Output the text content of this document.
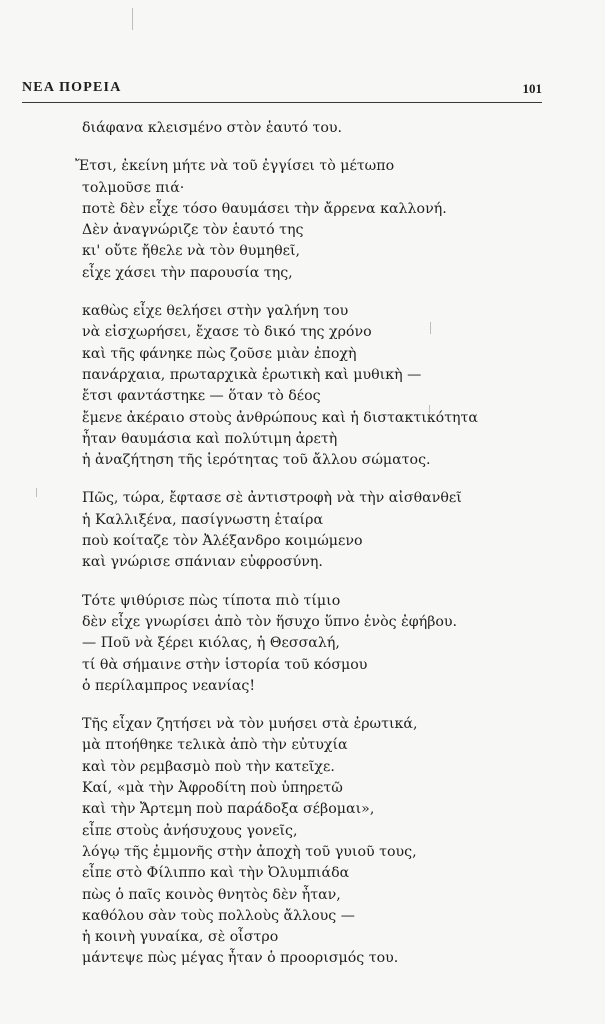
ΝΕΑ ΠΟΡΕΙΑ	101
διάφανα κλεισμένο στὸν ἑαυτό του.
Ἔτσι, ἐκείνη μήτε νὰ τοῦ ἐγγίσει τὸ μέτωπο
τολμοῦσε πιά·
ποτὲ δὲν εἶχε τόσο θαυμάσει τὴν ἄρρενα καλλονή.
Δὲν ἀναγνώριζε τὸν ἑαυτό της
κι' οὔτε ἤθελε νὰ τὸν θυμηθεῖ,
εἶχε χάσει τὴν παρουσία της,
καθὼς εἶχε θελήσει στὴν γαλήνη του
νὰ εἰσχωρήσει, ἔχασε τὸ δικό της χρόνο
καὶ τῆς φάνηκε πὼς ζοῦσε μιὰν ἐποχὴ
πανάρχαια, πρωταρχικὰ ἐρωτικὴ καὶ μυθικὴ —
ἔτσι φαντάστηκε — ὅταν τὸ δέος
ἔμενε ἀκέραιο στοὺς ἀνθρώπους καὶ ἡ διστακτικότητα
ἦταν θαυμάσια καὶ πολύτιμη ἀρετὴ
ἡ ἀναζήτηση τῆς ἱερότητας τοῦ ἄλλου σώματος.
Πῶς, τώρα, ἔφτασε σὲ ἀντιστροφὴ νὰ τὴν αἰσθανθεῖ
ἡ Καλλιξένα, πασίγνωστη ἑταίρα
ποὺ κοίταζε τὸν Ἀλέξανδρο κοιμώμενο
καὶ γνώρισε σπάνιαν εὐφροσύνη.
Τότε ψιθύρισε πὼς τίποτα πιὸ τίμιο
δὲν εἶχε γνωρίσει ἀπὸ τὸν ἥσυχο ὕπνο ἑνὸς ἐφήβου.
— Ποῦ νὰ ξέρει κιόλας, ἡ Θεσσαλή,
τί θὰ σήμαινε στὴν ἱστορία τοῦ κόσμου
ὁ περίλαμπρος νεανίας!
Τῆς εἶχαν ζητήσει νὰ τὸν μυήσει στὰ ἐρωτικά,
μὰ πτοήθηκε τελικὰ ἀπὸ τὴν εὐτυχία
καὶ τὸν ρεμβασμὸ ποὺ τὴν κατεῖχε.
Καί, «μὰ τὴν Ἀφροδίτη ποὺ ὑπηρετῶ
καὶ τὴν Ἄρτεμη ποὺ παράδοξα σέβομαι»,
εἶπε στοὺς ἀνήσυχους γονεῖς,
λόγῳ τῆς ἐμμονῆς στὴν ἀποχὴ τοῦ γυιοῦ τους,
εἶπε στὸ Φίλιππο καὶ τὴν Ὀλυμπιάδα
πὼς ὁ παῖς κοινὸς θνητὸς δὲν ἦταν,
καθόλου σὰν τοὺς πολλοὺς ἄλλους —
ἡ κοινὴ γυναίκα, σὲ οἶστρο
μάντεψε πὼς μέγας ἦταν ὁ προορισμός του.
